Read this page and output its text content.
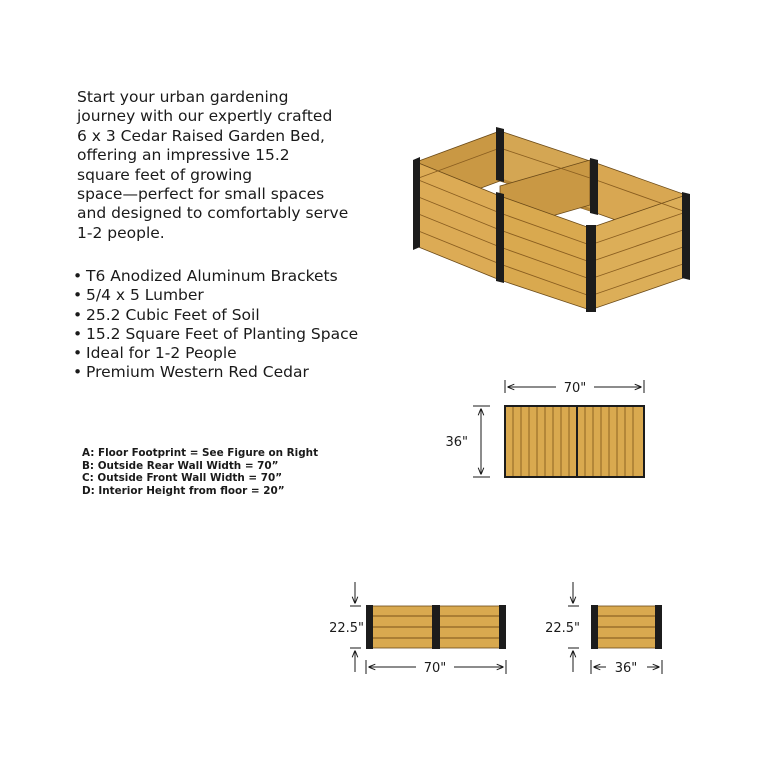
Start your urban gardening
journey with our expertly crafted
6 x 3 Cedar Raised Garden Bed,
offering an impressive 15.2
square feet of growing
space—perfect for small spaces
and designed to comfortably serve
1-2 people.

• T6 Anodized Aluminum Brackets
• 5/4 x 5 Lumber
• 25.2 Cubic Feet of Soil
• 15.2 Square Feet of Planting Space
• Ideal for 1-2 People
• Premium Western Red Cedar
A: Floor Footprint = See Figure on Right
B: Outside Rear Wall Width = 70”
C: Outside Front Wall Width = 70”
D: Interior Height from floor = 20”
70"
36"
22.5"
70"
22.5"
36"
